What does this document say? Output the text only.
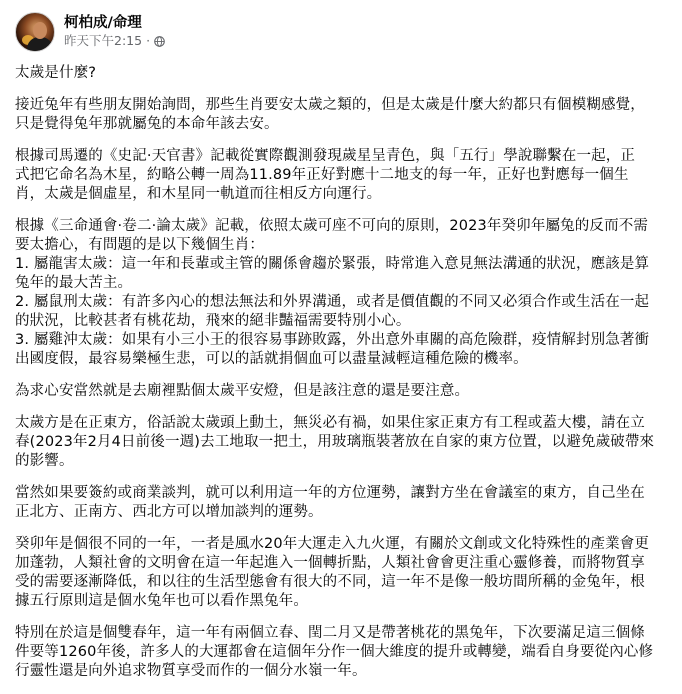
柯柏成/命理
昨天下午2:15 ·

太歲是什麼?

接近兔年有些朋友開始詢問，那些生肖要安太歲之類的，但是太歲是什麼大約都只有個模糊感覺，
只是覺得兔年那就屬兔的本命年該去安。

根據司馬遷的《史記·天官書》記載從實際觀測發現歲星呈青色，與「五行」學說聯繫在一起，正
式把它命名為木星，約略公轉一周為11.89年正好對應十二地支的每一年，正好也對應每一個生
肖，太歲是個虛星，和木星同一軌道而往相反方向運行。

根據《三命通會·卷二·論太歲》記載，依照太歲可座不可向的原則，2023年癸卯年屬兔的反而不需
要太擔心，有問題的是以下幾個生肖：
1. 屬龍害太歲：這一年和長輩或主管的關係會趨於緊張，時常進入意見無法溝通的狀況，應該是算
兔年的最大苦主。
2. 屬鼠刑太歲：有許多內心的想法無法和外界溝通，或者是價值觀的不同又必須合作或生活在一起
的狀況，比較甚者有桃花劫，飛來的絕非豔福需要特別小心。
3. 屬雞沖太歲：如果有小三小王的很容易事跡敗露，外出意外車關的高危險群，疫情解封別急著衝
出國度假，最容易樂極生悲，可以的話就捐個血可以盡量減輕這種危險的機率。

為求心安當然就是去廟裡點個太歲平安燈，但是該注意的還是要注意。

太歲方是在正東方，俗話說太歲頭上動土，無災必有禍，如果住家正東方有工程或蓋大樓，請在立
春(2023年2月4日前後一週)去工地取一把土，用玻璃瓶裝著放在自家的東方位置，以避免歲破帶來
的影響。

當然如果要簽約或商業談判，就可以利用這一年的方位運勢，讓對方坐在會議室的東方，自己坐在
正北方、正南方、西北方可以增加談判的運勢。

癸卯年是個很不同的一年，一者是風水20年大運走入九火運，有關於文創或文化特殊性的產業會更
加蓬勃，人類社會的文明會在這一年起進入一個轉折點，人類社會會更注重心靈修養，而將物質享
受的需要逐漸降低，和以往的生活型態會有很大的不同，這一年不是像一般坊間所稱的金兔年，根
據五行原則這是個水兔年也可以看作黑兔年。

特別在於這是個雙春年，這一年有兩個立春、閏二月又是帶著桃花的黑兔年，下次要滿足這三個條
件要等1260年後，許多人的大運都會在這個年分作一個大維度的提升或轉變，端看自身要從內心修
行靈性還是向外追求物質享受而作的一個分水嶺一年。
